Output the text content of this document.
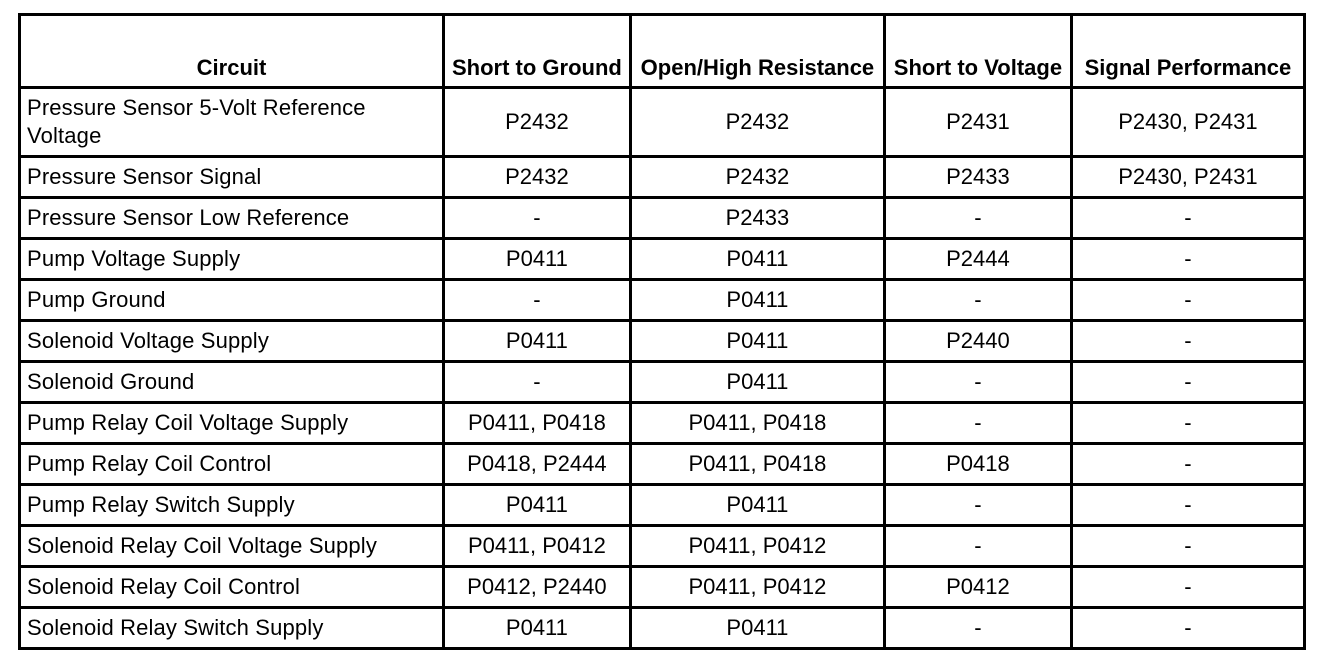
Circuit	Short to Ground	Open/High Resistance	Short to Voltage	Signal Performance
Pressure Sensor 5-Volt Reference Voltage	P2432	P2432	P2431	P2430, P2431
Pressure Sensor Signal	P2432	P2432	P2433	P2430, P2431
Pressure Sensor Low Reference	-	P2433	-	-
Pump Voltage Supply	P0411	P0411	P2444	-
Pump Ground	-	P0411	-	-
Solenoid Voltage Supply	P0411	P0411	P2440	-
Solenoid Ground	-	P0411	-	-
Pump Relay Coil Voltage Supply	P0411, P0418	P0411, P0418	-	-
Pump Relay Coil Control	P0418, P2444	P0411, P0418	P0418	-
Pump Relay Switch Supply	P0411	P0411	-	-
Solenoid Relay Coil Voltage Supply	P0411, P0412	P0411, P0412	-	-
Solenoid Relay Coil Control	P0412, P2440	P0411, P0412	P0412	-
Solenoid Relay Switch Supply	P0411	P0411	-	-
